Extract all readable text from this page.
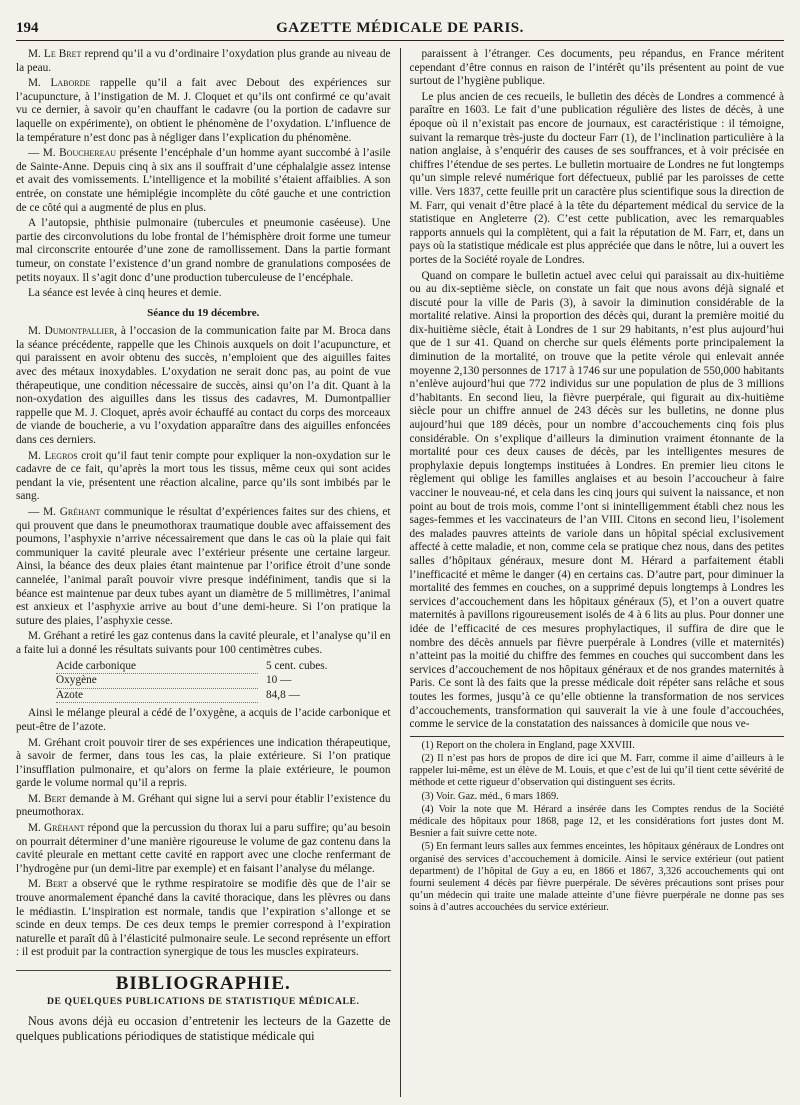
194	GAZETTE MÉDICALE DE PARIS.

M. Le Bret reprend qu’il a vu d’ordinaire l’oxydation plus grande au niveau de la peau.

M. Laborde rappelle qu’il a fait avec Debout des expériences sur l’acupuncture, à l’instigation de M. J. Cloquet et qu’ils ont confirmé ce qu’avait vu ce dernier, à savoir qu’en chauffant le cadavre (ou la portion de cadavre sur laquelle on expérimente), on obtient le phénomène de l’oxydation. L’influence de la température n’est donc pas à négliger dans l’explication du phénomène.

— M. Bouchereau présente l’encéphale d’un homme ayant succombé à l’asile de Sainte-Anne. Depuis cinq à six ans il souffrait d’une céphalalgie assez intense et avait des vomissements. L’intelligence et la mobilité s’étaient affaiblies. A son entrée, on constate une hémiplégie incomplète du côté gauche et une contriction de ce côté qui a augmenté de plus en plus.

A l’autopsie, phthisie pulmonaire (tubercules et pneumonie caséeuse). Une partie des circonvolutions du lobe frontal de l’hémisphère droit forme une tumeur mal circonscrite entourée d’une zone de ramollissement. Dans la partie formant tumeur, on constate l’existence d’un grand nombre de granulations composées de petits noyaux. Il s’agit donc d’une production tuberculeuse de l’encéphale.

La séance est levée à cinq heures et demie.

Séance du 19 décembre.

M. Dumontpallier, à l’occasion de la communication faite par M. Broca dans la séance précédente, rappelle que les Chinois auxquels on doit l’acupuncture, et qui paraissent en avoir obtenu des succès, n’emploient que des aiguilles faites avec des métaux inoxydables. L’oxydation ne serait donc pas, au point de vue thérapeutique, une condition nécessaire de succès, ainsi qu’on l’a dit. Quant à la non-oxydation des aiguilles dans les tissus des cadavres, M. Dumontpallier rappelle que M. J. Cloquet, après avoir échauffé au contact du corps des morceaux de viande de boucherie, a vu l’oxydation apparaître dans des aiguilles enfoncées dans ces derniers.

M. Legros croit qu’il faut tenir compte pour expliquer la non-oxydation sur le cadavre de ce fait, qu’après la mort tous les tissus, même ceux qui sont acides pendant la vie, présentent une réaction alcaline, parce qu’ils sont imbibés par le sang.

— M. Gréhant communique le résultat d’expériences faites sur des chiens, et qui prouvent que dans le pneumothorax traumatique double avec affaissement des poumons, l’asphyxie n’arrive nécessairement que dans le cas où la plaie qui fait communiquer la cavité pleurale avec l’extérieur présente une certaine largeur. Ainsi, la béance des deux plaies étant maintenue par l’orifice étroit d’une sonde cannelée, l’animal paraît pouvoir vivre presque indéfiniment, tandis que si la béance est maintenue par deux tubes ayant un diamètre de 5 millimètres, l’animal est anxieux et l’asphyxie arrive au bout d’une demi-heure. Si l’on pratique la suture des plaies, l’asphyxie cesse.

M. Gréhant a retiré les gaz contenus dans la cavité pleurale, et l’analyse qu’il en a faite lui a donné les résultats suivants pour 100 centimètres cubes.

Acide carbonique	5 cent. cubes.
Oxygène	10 —
Azote	84,8 —

Ainsi le mélange pleural a cédé de l’oxygène, a acquis de l’acide carbonique et peut-être de l’azote.

M. Gréhant croit pouvoir tirer de ses expériences une indication thérapeutique, à savoir de fermer, dans tous les cas, la plaie extérieure. Si l’on pratique l’insufflation pulmonaire, et qu’alors on ferme la plaie extérieure, le poumon garde le volume normal qu’il a repris.

M. Bert demande à M. Gréhant qui signe lui a servi pour établir l’existence du pneumothorax.

M. Gréhant répond que la percussion du thorax lui a paru suffire; qu’au besoin on pourrait déterminer d’une manière rigoureuse le volume de gaz contenu dans la cavité pleurale en mettant cette cavité en rapport avec une cloche renfermant de l’hydrogène pur (un demi-litre par exemple) et en faisant l’analyse du mélange.

M. Bert a observé que le rythme respiratoire se modifie dès que de l’air se trouve anormalement épanché dans la cavité thoracique, dans les plèvres ou dans le médiastin. L’inspiration est normale, tandis que l’expiration s’allonge et se scinde en deux temps. De ces deux temps le premier correspond à l’expiration naturelle et paraît dû à l’élasticité pulmonaire seule. Le second représente un effort : il est produit par la contraction synergique de tous les muscles expirateurs.

BIBLIOGRAPHIE.
DE QUELQUES PUBLICATIONS DE STATISTIQUE MÉDICALE.

Nous avons déjà eu occasion d’entretenir les lecteurs de la Gazette de quelques publications périodiques de statistique médicale qui

paraissent à l’étranger. Ces documents, peu répandus, en France méritent cependant d’être connus en raison de l’intérêt qu’ils présentent au point de vue surtout de l’hygiène publique.

Le plus ancien de ces recueils, le bulletin des décès de Londres a commencé à paraître en 1603. Le fait d’une publication régulière des listes de décès, à une époque où il n’existait pas encore de journaux, est caractéristique : il témoigne, suivant la remarque très-juste du docteur Farr (1), de l’inclination particulière à la nation anglaise, à s’enquérir des causes de ses souffrances, et à voir précisée en chiffres l’étendue de ses pertes. Le bulletin mortuaire de Londres ne fut longtemps qu’un simple relevé numérique fort défectueux, publié par les paroisses de cette ville. Vers 1837, cette feuille prit un caractère plus scientifique sous la direction de M. Farr, qui venait d’être placé à la tête du département médical du service de la statistique en Angleterre (2). C’est cette publication, avec les remarquables rapports annuels qui la complètent, qui a fait la réputation de M. Farr, et, dans un pays où la statistique médicale est plus appréciée que dans le nôtre, lui a ouvert les portes de la Société royale de Londres.

Quand on compare le bulletin actuel avec celui qui paraissait au dix-huitième ou au dix-septième siècle, on constate un fait que nous avons déjà signalé et discuté pour la ville de Paris (3), à savoir la diminution considérable de la mortalité relative. Ainsi la proportion des décès qui, durant la première moitié du dix-huitième siècle, était à Londres de 1 sur 29 habitants, n’est plus aujourd’hui que de 1 sur 41. Quand on cherche sur quels éléments porte principalement la diminution de la mortalité, on trouve que la petite vérole qui enlevait année moyenne 2,130 personnes de 1717 à 1746 sur une population de 550,000 habitants n’enlève aujourd’hui que 772 individus sur une population de plus de 3 millions d’habitants. En second lieu, la fièvre puerpérale, qui figurait au dix-huitième siècle pour un chiffre annuel de 243 décès sur les bulletins, ne donne plus aujourd’hui que 189 décès, pour un nombre d’accouchements cinq fois plus considérable. On s’explique d’ailleurs la diminution vraiment étonnante de la mortalité pour ces deux causes de décès, par les intelligentes mesures de prophylaxie depuis longtemps instituées à Londres. En premier lieu citons le règlement qui oblige les familles anglaises et au besoin l’accoucheur à faire vacciner le nouveau-né, et cela dans les cinq jours qui suivent la naissance, et non point au bout de trois mois, comme l’ont si inintelligemment établi chez nous les sages-femmes et les vaccinateurs de l’an VIII. Citons en second lieu, l’isolement des malades pauvres atteints de variole dans un hôpital spécial exclusivement affecté à cette maladie, et non, comme cela se pratique chez nous, dans des petites salles d’hôpitaux généraux, mesure dont M. Hérard a parfaitement établi l’inefficacité et même le danger (4) en certains cas. D’autre part, pour diminuer la mortalité des femmes en couches, on a supprimé depuis longtemps à Londres les services d’accouchement dans les hôpitaux généraux (5), et l’on a ouvert quatre maternités à pavillons rigoureusement isolés de 4 à 6 lits au plus. Pour donner une idée de l’efficacité de ces mesures prophylactiques, il suffira de dire que le nombre des décès annuels par fièvre puerpérale à Londres (ville et maternités) n’atteint pas la moitié du chiffre des femmes en couches qui succombent dans les services d’accouchement de nos hôpitaux généraux et de nos grandes maternités à Paris. Ce sont là des faits que la presse médicale doit répéter sans relâche et sous toutes les formes, jusqu’à ce qu’elle obtienne la transformation de nos services d’accouchements, transformation qui sauverait la vie à une foule d’accouchées, comme le service de la constatation des naissances à domicile que nous ve-

(1) Report on the cholera in England, page XXVIII.

(2) Il n’est pas hors de propos de dire ici que M. Farr, comme il aime d’ailleurs à le rappeler lui-même, est un élève de M. Louis, et que c’est de lui qu’il tient cette sévérité de méthode et cette rigueur d’observation qui distinguent ses écrits.

(3) Voir. Gaz. méd., 6 mars 1869.

(4) Voir la note que M. Hérard a insérée dans les Comptes rendus de la Société médicale des hôpitaux pour 1868, page 12, et les considérations fort justes dont M. Besnier a fait suivre cette note.

(5) En fermant leurs salles aux femmes enceintes, les hôpitaux généraux de Londres ont organisé des services d’accouchement à domicile. Ainsi le service extérieur (out patient department) de l’hôpital de Guy a eu, en 1866 et 1867, 3,326 accouchements qui ont fourni seulement 4 décès par fièvre puerpérale. De sévères précautions sont prises pour qu’un médecin qui traite une malade atteinte d’une fièvre puerpérale ne donne pas ses soins à d’autres accouchées du service extérieur.
